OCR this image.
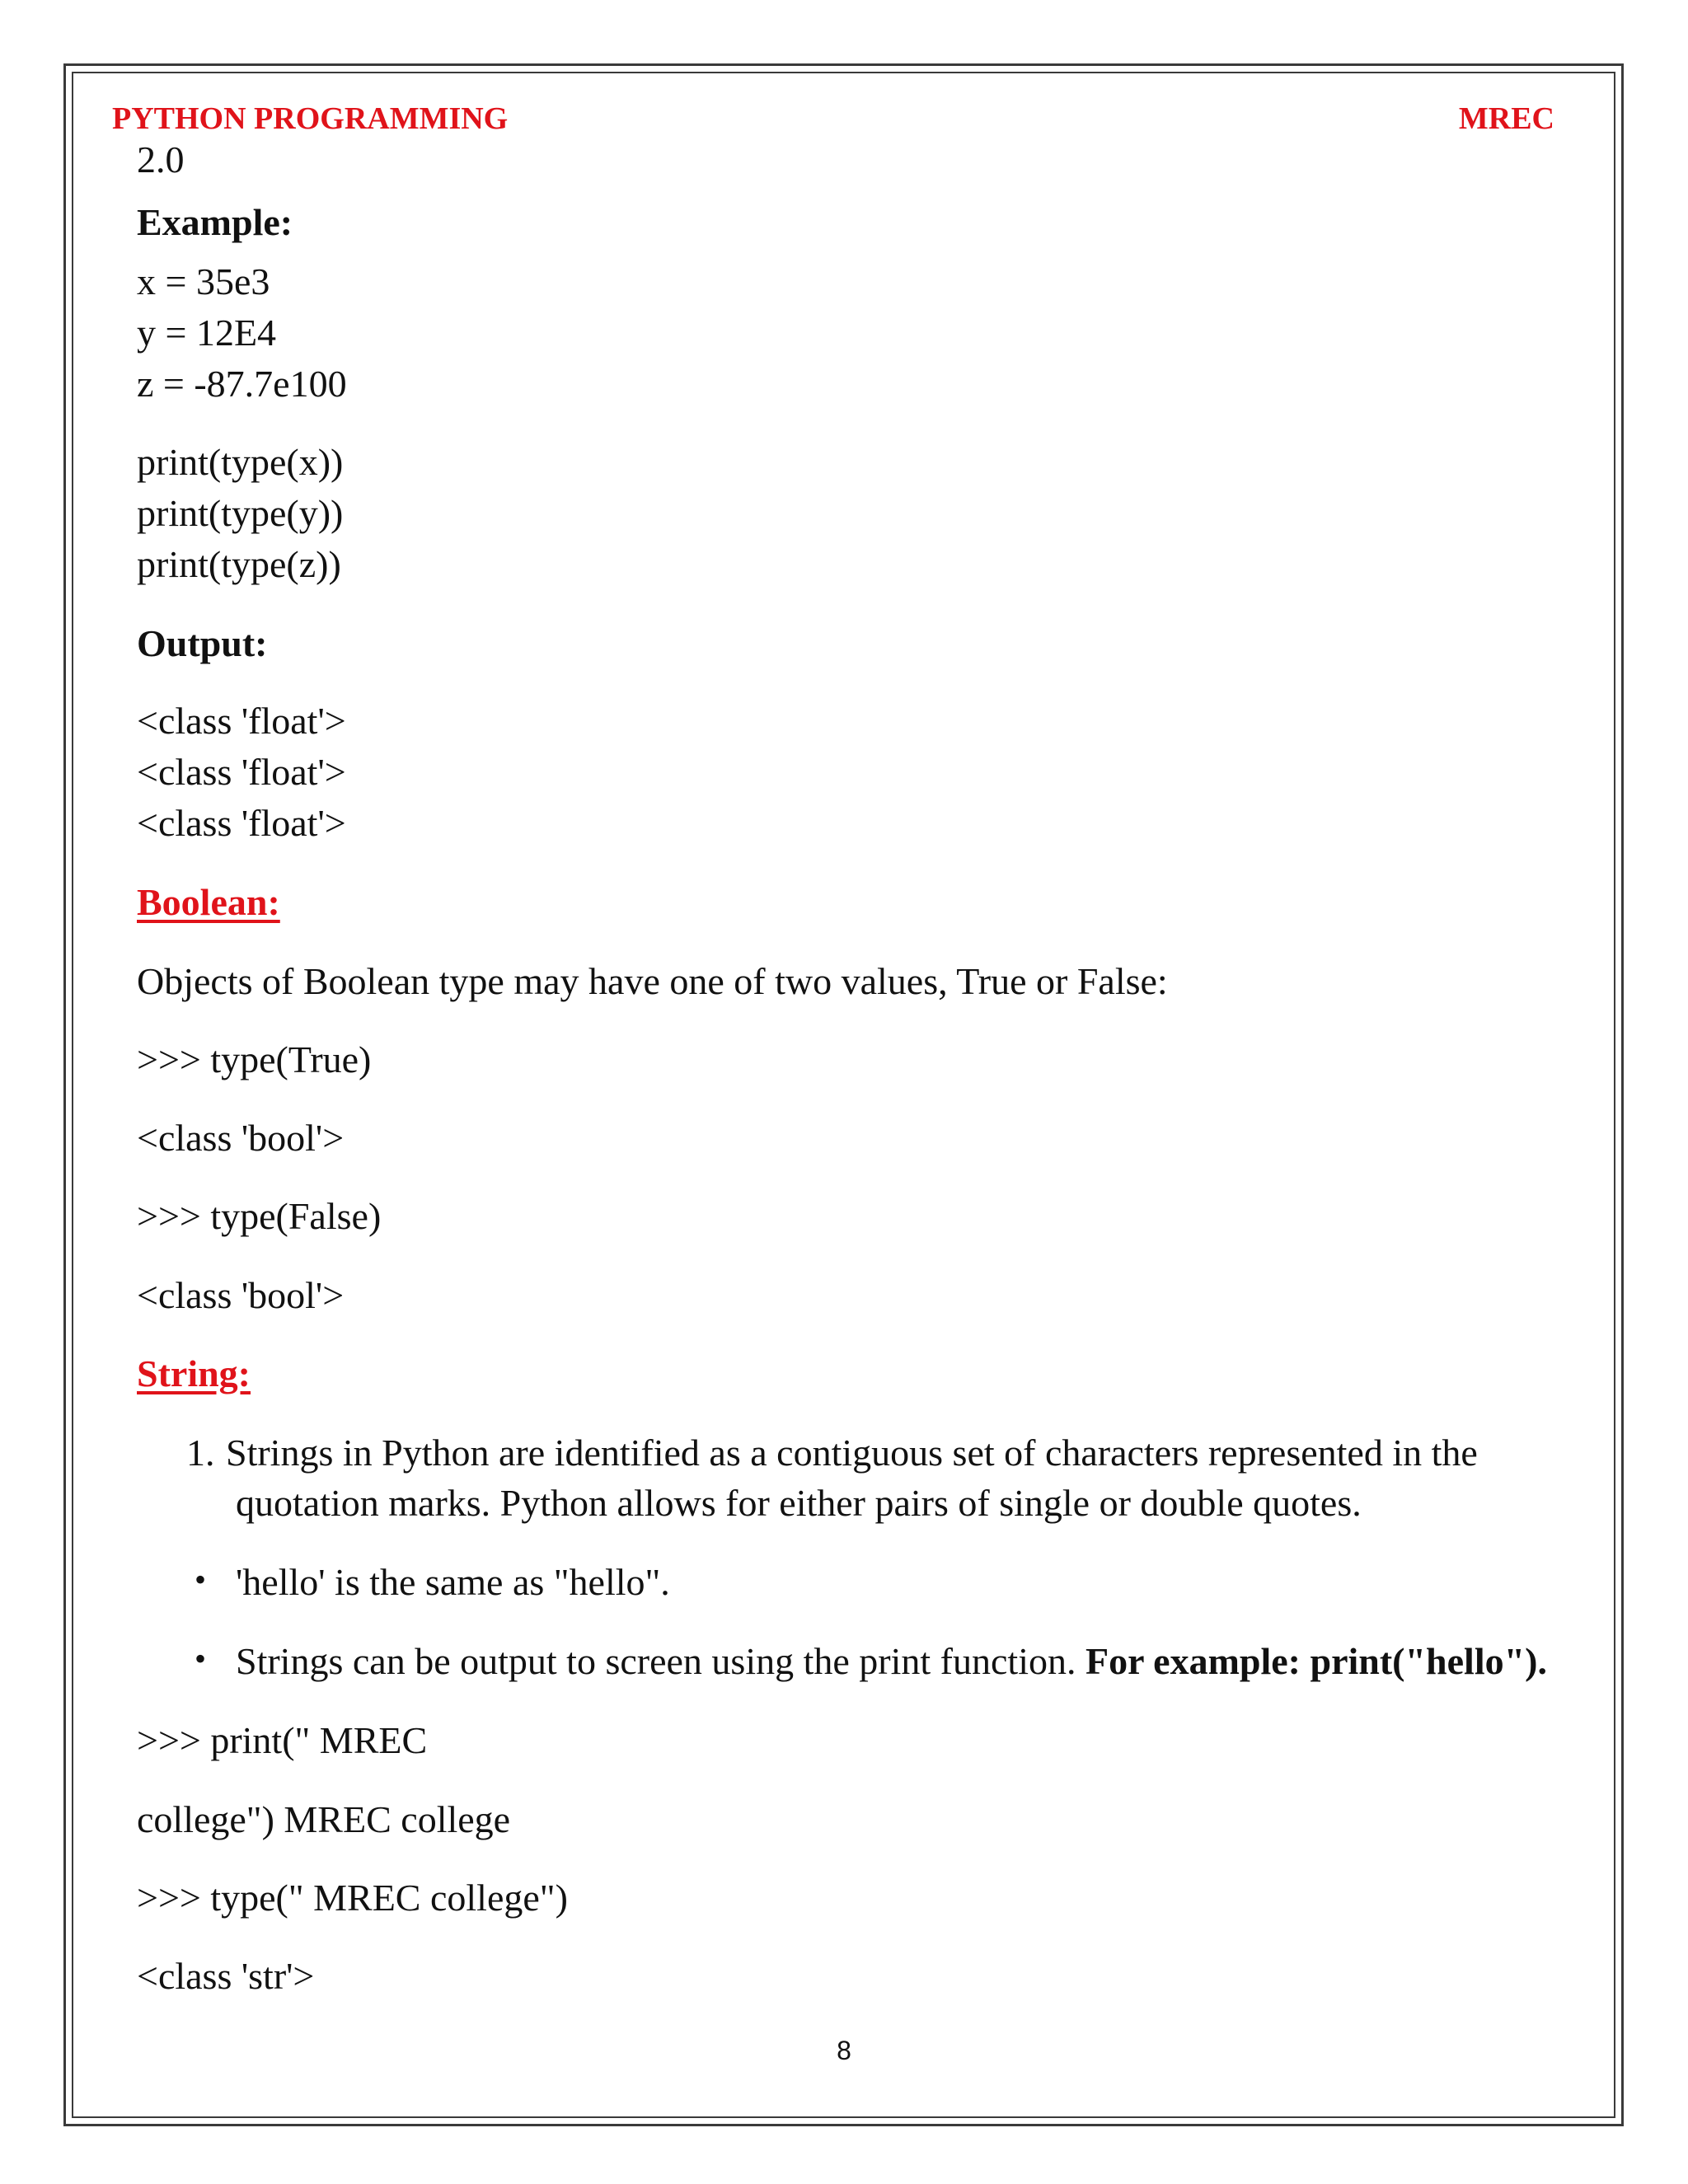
PYTHON PROGRAMMING	MREC
2.0
Example:
x = 35e3
y = 12E4
z = -87.7e100
print(type(x))
print(type(y))
print(type(z))
Output:
<class 'float'>
<class 'float'>
<class 'float'>
Boolean:
Objects of Boolean type may have one of two values, True or False:
>>> type(True)
<class 'bool'>
>>> type(False)
<class 'bool'>
String:
1. Strings in Python are identified as a contiguous set of characters represented in the
quotation marks. Python allows for either pairs of single or double quotes.
• 'hello' is the same as "hello".
• Strings can be output to screen using the print function. For example: print("hello").
>>> print(" MREC
college") MREC college
>>> type(" MREC college")
<class 'str'>
8
